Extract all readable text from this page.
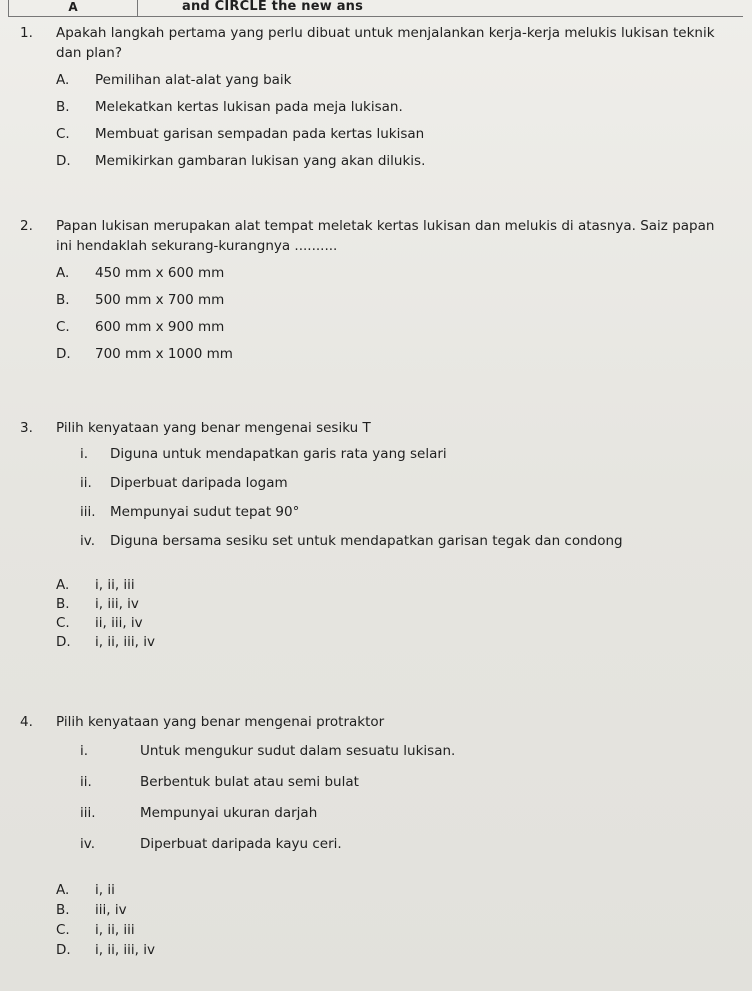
A	and CIRCLE the new ans
1.	Apakah langkah pertama yang perlu dibuat untuk menjalankan kerja-kerja melukis lukisan teknik dan plan?
A.	Pemilihan alat-alat yang baik
B.	Melekatkan kertas lukisan pada meja lukisan.
C.	Membuat garisan sempadan pada kertas lukisan
D.	Memikirkan gambaran lukisan yang akan dilukis.
2.	Papan lukisan merupakan alat tempat meletak kertas lukisan dan melukis di atasnya. Saiz papan ini hendaklah sekurang-kurangnya ..........
A.	450 mm x 600 mm
B.	500 mm x 700 mm
C.	600 mm x 900 mm
D.	700 mm x 1000 mm
3.	Pilih kenyataan yang benar mengenai sesiku T
i.	Diguna untuk mendapatkan garis rata yang selari
ii.	Diperbuat daripada logam
iii.	Mempunyai sudut tepat 90°
iv.	Diguna bersama sesiku set untuk mendapatkan garisan tegak dan condong
A.	i, ii, iii
B.	i, iii, iv
C.	ii, iii, iv
D.	i, ii, iii, iv
4.	Pilih kenyataan yang benar mengenai protraktor
i.	Untuk mengukur sudut dalam sesuatu lukisan.
ii.	Berbentuk bulat atau semi bulat
iii.	Mempunyai ukuran darjah
iv.	Diperbuat daripada kayu ceri.
A.	i, ii
B.	iii, iv
C.	i, ii, iii
D.	i, ii, iii, iv
